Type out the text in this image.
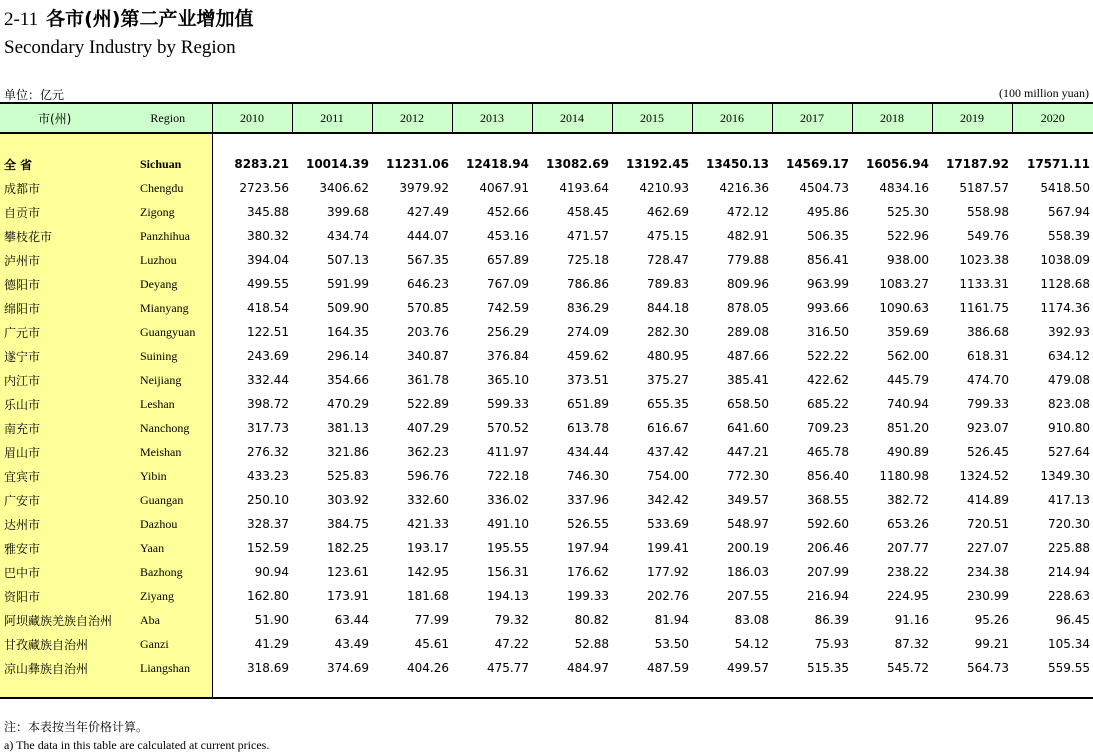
2-11 各市(州)第二产业增加值
Secondary Industry by Region
单位：亿元	(100 million yuan)
市(州)	Region	2010	2011	2012	2013	2014	2015	2016	2017	2018	2019	2020

全 省	Sichuan	8283.21	10014.39	11231.06	12418.94	13082.69	13192.45	13450.13	14569.17	16056.94	17187.92	17571.11
成都市	Chengdu	2723.56	3406.62	3979.92	4067.91	4193.64	4210.93	4216.36	4504.73	4834.16	5187.57	5418.50
自贡市	Zigong	345.88	399.68	427.49	452.66	458.45	462.69	472.12	495.86	525.30	558.98	567.94
攀枝花市	Panzhihua	380.32	434.74	444.07	453.16	471.57	475.15	482.91	506.35	522.96	549.76	558.39
泸州市	Luzhou	394.04	507.13	567.35	657.89	725.18	728.47	779.88	856.41	938.00	1023.38	1038.09
德阳市	Deyang	499.55	591.99	646.23	767.09	786.86	789.83	809.96	963.99	1083.27	1133.31	1128.68
绵阳市	Mianyang	418.54	509.90	570.85	742.59	836.29	844.18	878.05	993.66	1090.63	1161.75	1174.36
广元市	Guangyuan	122.51	164.35	203.76	256.29	274.09	282.30	289.08	316.50	359.69	386.68	392.93
遂宁市	Suining	243.69	296.14	340.87	376.84	459.62	480.95	487.66	522.22	562.00	618.31	634.12
内江市	Neijiang	332.44	354.66	361.78	365.10	373.51	375.27	385.41	422.62	445.79	474.70	479.08
乐山市	Leshan	398.72	470.29	522.89	599.33	651.89	655.35	658.50	685.22	740.94	799.33	823.08
南充市	Nanchong	317.73	381.13	407.29	570.52	613.78	616.67	641.60	709.23	851.20	923.07	910.80
眉山市	Meishan	276.32	321.86	362.23	411.97	434.44	437.42	447.21	465.78	490.89	526.45	527.64
宜宾市	Yibin	433.23	525.83	596.76	722.18	746.30	754.00	772.30	856.40	1180.98	1324.52	1349.30
广安市	Guangan	250.10	303.92	332.60	336.02	337.96	342.42	349.57	368.55	382.72	414.89	417.13
达州市	Dazhou	328.37	384.75	421.33	491.10	526.55	533.69	548.97	592.60	653.26	720.51	720.30
雅安市	Yaan	152.59	182.25	193.17	195.55	197.94	199.41	200.19	206.46	207.77	227.07	225.88
巴中市	Bazhong	90.94	123.61	142.95	156.31	176.62	177.92	186.03	207.99	238.22	234.38	214.94
资阳市	Ziyang	162.80	173.91	181.68	194.13	199.33	202.76	207.55	216.94	224.95	230.99	228.63
阿坝藏族羌族自治州	Aba	51.90	63.44	77.99	79.32	80.82	81.94	83.08	86.39	91.16	95.26	96.45
甘孜藏族自治州	Ganzi	41.29	43.49	45.61	47.22	52.88	53.50	54.12	75.93	87.32	99.21	105.34
凉山彝族自治州	Liangshan	318.69	374.69	404.26	475.77	484.97	487.59	499.57	515.35	545.72	564.73	559.55

注：本表按当年价格计算。
a) The data in this table are calculated at current prices.
